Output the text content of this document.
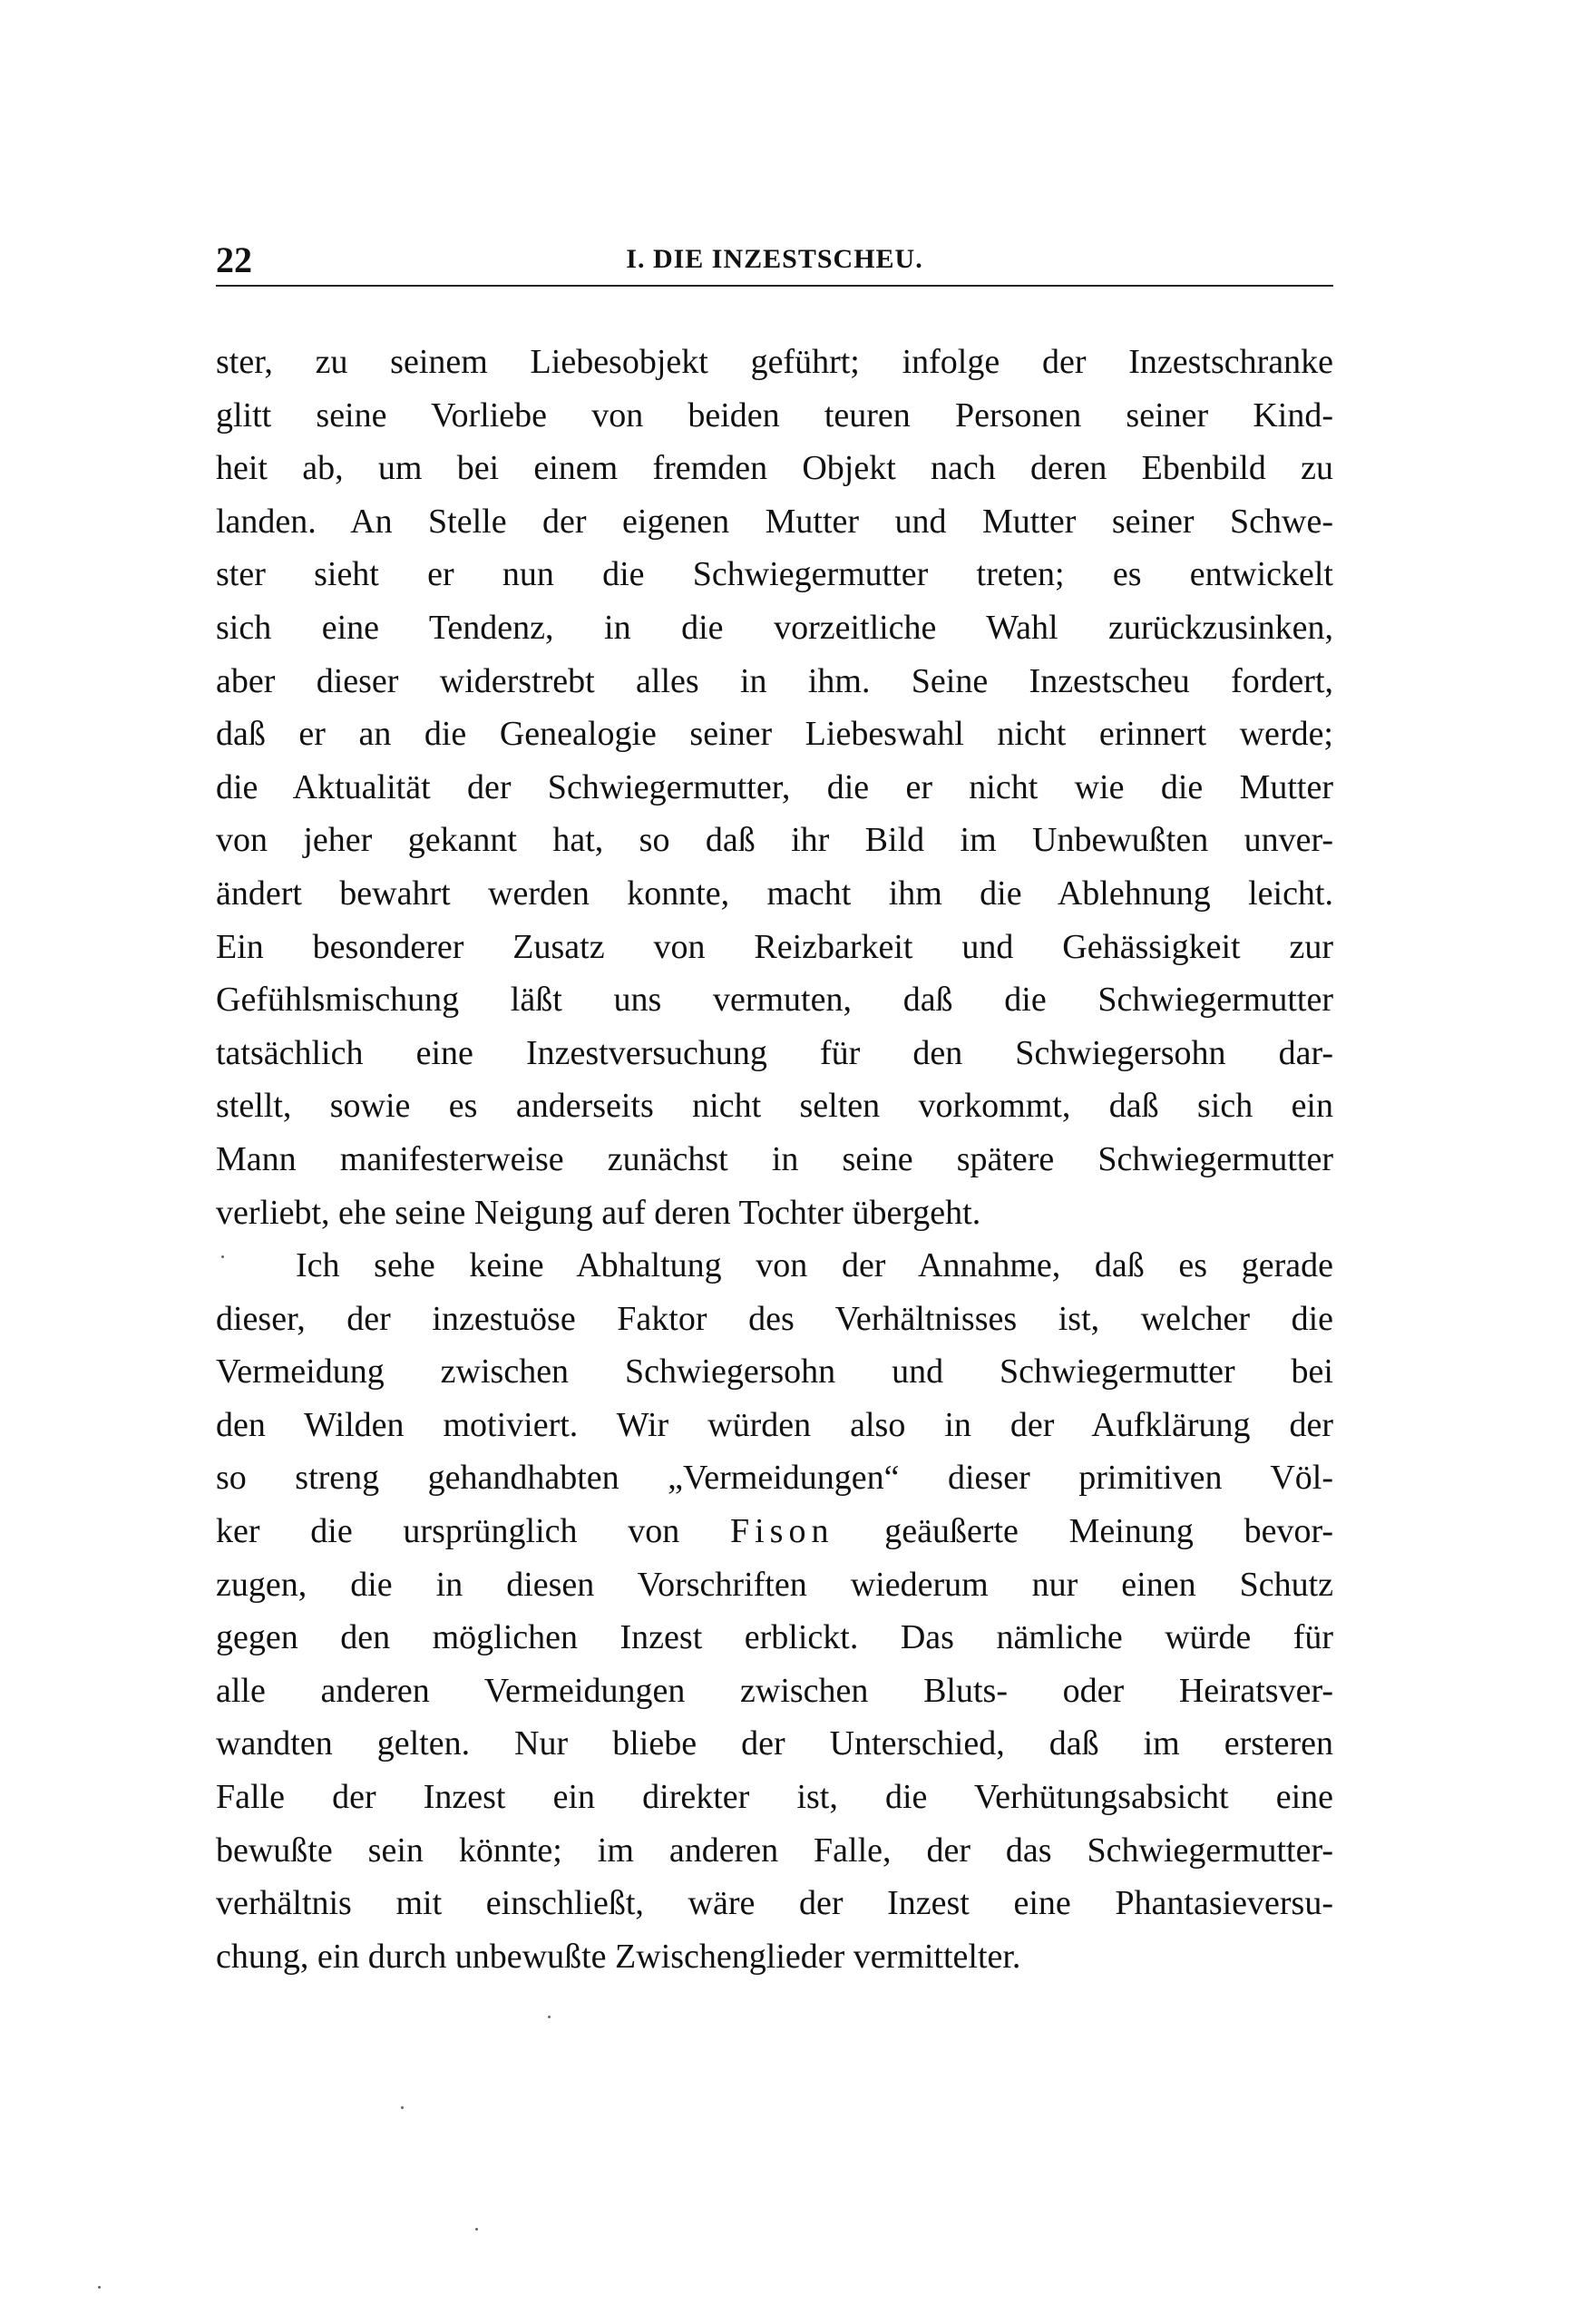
22	I. DIE INZESTSCHEU.
ster, zu seinem Liebesobjekt geführt; infolge der Inzestschranke
glitt seine Vorliebe von beiden teuren Personen seiner Kind-
heit ab, um bei einem fremden Objekt nach deren Ebenbild zu
landen. An Stelle der eigenen Mutter und Mutter seiner Schwe-
ster sieht er nun die Schwiegermutter treten; es entwickelt
sich eine Tendenz, in die vorzeitliche Wahl zurückzusinken,
aber dieser widerstrebt alles in ihm. Seine Inzestscheu fordert,
daß er an die Genealogie seiner Liebeswahl nicht erinnert werde;
die Aktualität der Schwiegermutter, die er nicht wie die Mutter
von jeher gekannt hat, so daß ihr Bild im Unbewußten unver-
ändert bewahrt werden konnte, macht ihm die Ablehnung leicht.
Ein besonderer Zusatz von Reizbarkeit und Gehässigkeit zur
Gefühlsmischung läßt uns vermuten, daß die Schwiegermutter
tatsächlich eine Inzestversuchung für den Schwiegersohn dar-
stellt, sowie es anderseits nicht selten vorkommt, daß sich ein
Mann manifesterweise zunächst in seine spätere Schwiegermutter
verliebt, ehe seine Neigung auf deren Tochter übergeht.
Ich sehe keine Abhaltung von der Annahme, daß es gerade
dieser, der inzestuöse Faktor des Verhältnisses ist, welcher die
Vermeidung zwischen Schwiegersohn und Schwiegermutter bei
den Wilden motiviert. Wir würden also in der Aufklärung der
so streng gehandhabten „Vermeidungen“ dieser primitiven Völ-
ker die ursprünglich von Fison geäußerte Meinung bevor-
zugen, die in diesen Vorschriften wiederum nur einen Schutz
gegen den möglichen Inzest erblickt. Das nämliche würde für
alle anderen Vermeidungen zwischen Bluts- oder Heiratsver-
wandten gelten. Nur bliebe der Unterschied, daß im ersteren
Falle der Inzest ein direkter ist, die Verhütungsabsicht eine
bewußte sein könnte; im anderen Falle, der das Schwiegermutter-
verhältnis mit einschließt, wäre der Inzest eine Phantasieversu-
chung, ein durch unbewußte Zwischenglieder vermittelter.
